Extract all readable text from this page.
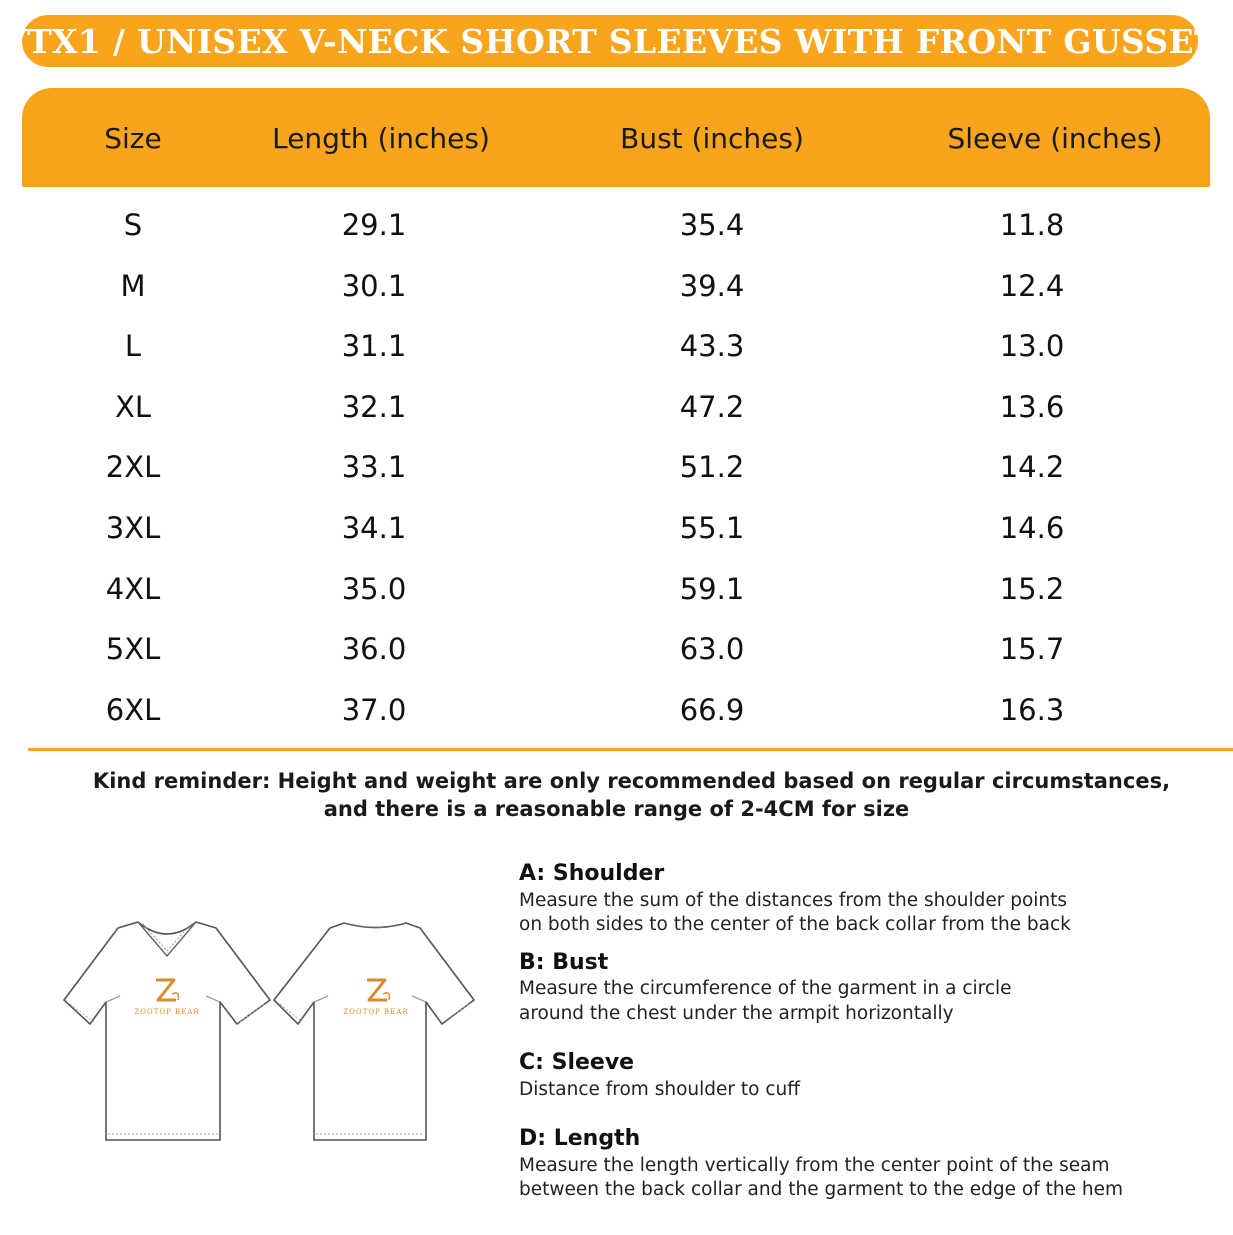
VTX1 / UNISEX V-NECK SHORT SLEEVES WITH FRONT GUSSET
Size	Length (inches)	Bust (inches)	Sleeve (inches)
S	29.1	35.4	11.8
M	30.1	39.4	12.4
L	31.1	43.3	13.0
XL	32.1	47.2	13.6
2XL	33.1	51.2	14.2
3XL	34.1	55.1	14.6
4XL	35.0	59.1	15.2
5XL	36.0	63.0	15.7
6XL	37.0	66.9	16.3
Kind reminder: Height and weight are only recommended based on regular circumstances,
and there is a reasonable range of 2-4CM for size
ZOOTOP BEAR	ZOOTOP BEAR
A: Shoulder
Measure the sum of the distances from the shoulder points
on both sides to the center of the back collar from the back
B: Bust
Measure the circumference of the garment in a circle
around the chest under the armpit horizontally
C: Sleeve
Distance from shoulder to cuff
D: Length
Measure the length vertically from the center point of the seam
between the back collar and the garment to the edge of the hem
